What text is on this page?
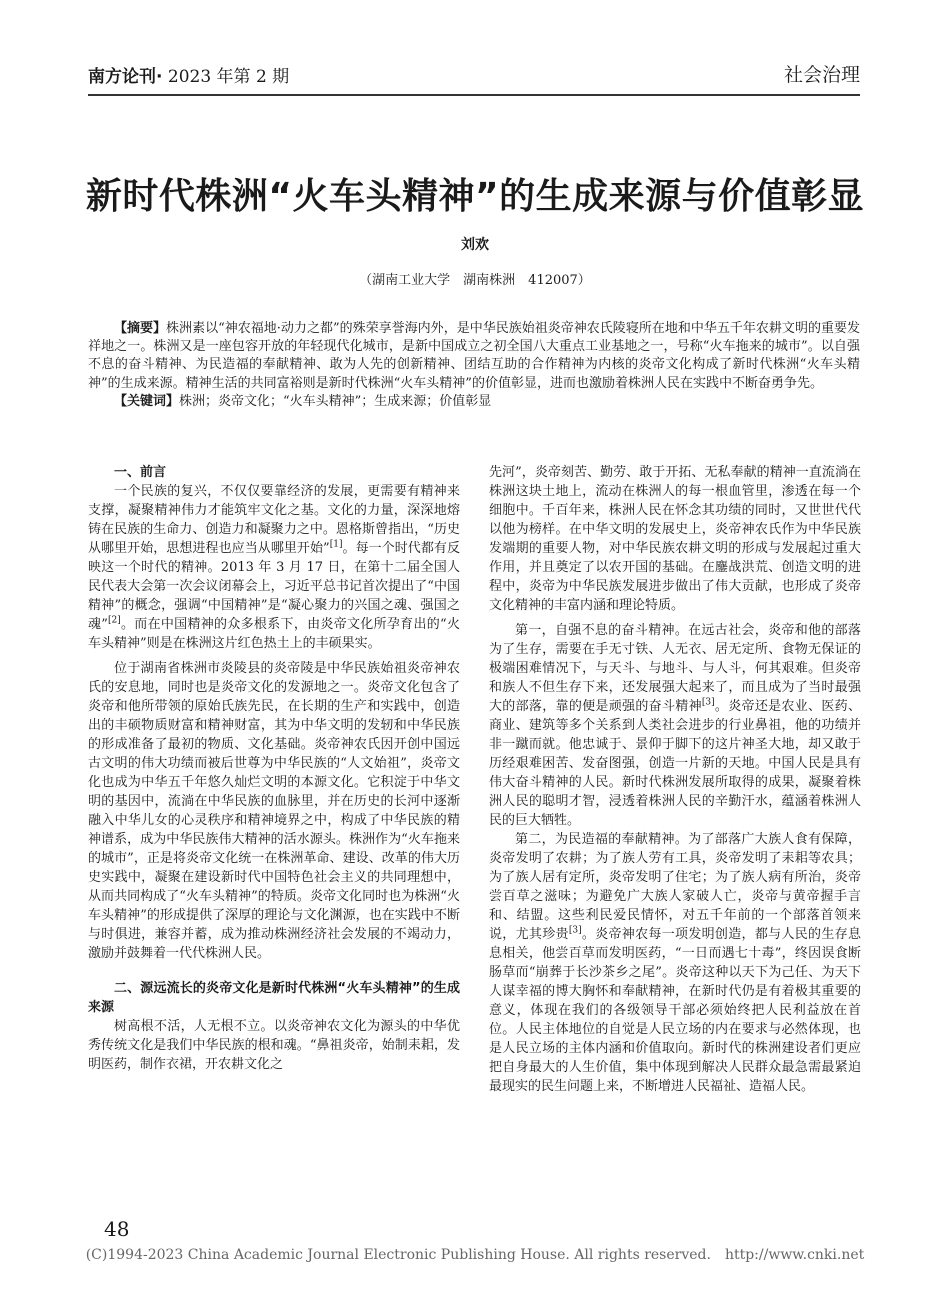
南方论刊· 2023 年第 2 期	社会治理
新时代株洲“火车头精神”的生成来源与价值彰显
刘欢
（湖南工业大学　湖南株洲　412007）

【摘要】株洲素以“神农福地·动力之都”的殊荣享誉海内外，是中华民族始祖炎帝神农氏陵寝所在地和中华五千年农耕文明的重要发祥地之一。株洲又是一座包容开放的年轻现代化城市，是新中国成立之初全国八大重点工业基地之一，号称“火车拖来的城市”。以自强不息的奋斗精神、为民造福的奉献精神、敢为人先的创新精神、团结互助的合作精神为内核的炎帝文化构成了新时代株洲“火车头精神”的生成来源。精神生活的共同富裕则是新时代株洲“火车头精神”的价值彰显，进而也激励着株洲人民在实践中不断奋勇争先。

【关键词】株洲；炎帝文化；“火车头精神”；生成来源；价值彰显

一、前言

一个民族的复兴，不仅仅要靠经济的发展，更需要有精神来支撑，凝聚精神伟力才能筑牢文化之基。文化的力量，深深地熔铸在民族的生命力、创造力和凝聚力之中。恩格斯曾指出，“历史从哪里开始，思想进程也应当从哪里开始”[1]。每一个时代都有反映这一个时代的精神。2013 年 3 月 17 日，在第十二届全国人民代表大会第一次会议闭幕会上，习近平总书记首次提出了“中国精神”的概念，强调“中国精神”是“凝心聚力的兴国之魂、强国之魂”[2]。而在中国精神的众多根系下，由炎帝文化所孕育出的“火车头精神”则是在株洲这片红色热土上的丰硕果实。

位于湖南省株洲市炎陵县的炎帝陵是中华民族始祖炎帝神农氏的安息地，同时也是炎帝文化的发源地之一。炎帝文化包含了炎帝和他所带领的原始氏族先民，在长期的生产和实践中，创造出的丰硕物质财富和精神财富，其为中华文明的发轫和中华民族的形成准备了最初的物质、文化基础。炎帝神农氏因开创中国远古文明的伟大功绩而被后世尊为中华民族的“人文始祖”，炎帝文化也成为中华五千年悠久灿烂文明的本源文化。它积淀于中华文明的基因中，流淌在中华民族的血脉里，并在历史的长河中逐渐融入中华儿女的心灵秩序和精神境界之中，构成了中华民族的精神谱系，成为中华民族伟大精神的活水源头。株洲作为“火车拖来的城市”，正是将炎帝文化统一在株洲革命、建设、改革的伟大历史实践中，凝聚在建设新时代中国特色社会主义的共同理想中，从而共同构成了“火车头精神”的特质。炎帝文化同时也为株洲“火车头精神”的形成提供了深厚的理论与文化渊源，也在实践中不断与时俱进，兼容并蓄，成为推动株洲经济社会发展的不竭动力，激励并鼓舞着一代代株洲人民。

二、源远流长的炎帝文化是新时代株洲“火车头精神”的生成来源

树高根不活，人无根不立。以炎帝神农文化为源头的中华优秀传统文化是我们中华民族的根和魂。“鼻祖炎帝，始制耒耜，发明医药，制作衣裙，开农耕文化之

先河”，炎帝刻苦、勤劳、敢于开拓、无私奉献的精神一直流淌在株洲这块土地上，流动在株洲人的每一根血管里，渗透在每一个细胞中。千百年来，株洲人民在怀念其功绩的同时，又世世代代以他为榜样。在中华文明的发展史上，炎帝神农氏作为中华民族发端期的重要人物，对中华民族农耕文明的形成与发展起过重大作用，并且奠定了以农开国的基础。在鏖战洪荒、创造文明的进程中，炎帝为中华民族发展进步做出了伟大贡献，也形成了炎帝文化精神的丰富内涵和理论特质。

第一，自强不息的奋斗精神。在远古社会，炎帝和他的部落为了生存，需要在手无寸铁、人无衣、居无定所、食物无保证的极端困难情况下，与天斗、与地斗、与人斗，何其艰难。但炎帝和族人不但生存下来，还发展强大起来了，而且成为了当时最强大的部落，靠的便是顽强的奋斗精神[3]。炎帝还是农业、医药、商业、建筑等多个关系到人类社会进步的行业鼻祖，他的功绩并非一蹴而就。他忠诚于、景仰于脚下的这片神圣大地，却又敢于历经艰难困苦、发奋图强，创造一片新的天地。中国人民是具有伟大奋斗精神的人民。新时代株洲发展所取得的成果，凝聚着株洲人民的聪明才智，浸透着株洲人民的辛勤汗水，蕴涵着株洲人民的巨大牺牲。

第二，为民造福的奉献精神。为了部落广大族人食有保障，炎帝发明了农耕；为了族人劳有工具，炎帝发明了耒耜等农具；为了族人居有定所，炎帝发明了住宅；为了族人病有所治，炎帝尝百草之滋味；为避免广大族人家破人亡，炎帝与黄帝握手言和、结盟。这些利民爱民情怀，对五千年前的一个部落首领来说，尤其珍贵[3]。炎帝神农每一项发明创造，都与人民的生存息息相关，他尝百草而发明医药，“一日而遇七十毒”，终因误食断肠草而“崩葬于长沙茶乡之尾”。炎帝这种以天下为己任、为天下人谋幸福的博大胸怀和奉献精神，在新时代仍是有着极其重要的意义，体现在我们的各级领导干部必须始终把人民利益放在首位。人民主体地位的自觉是人民立场的内在要求与必然体现，也是人民立场的主体内涵和价值取向。新时代的株洲建设者们更应把自身最大的人生价值，集中体现到解决人民群众最急需最紧迫最现实的民生问题上来，不断增进人民福祉、造福人民。

48
(C)1994-2023 China Academic Journal Electronic Publishing House. All rights reserved.　http://www.cnki.net
